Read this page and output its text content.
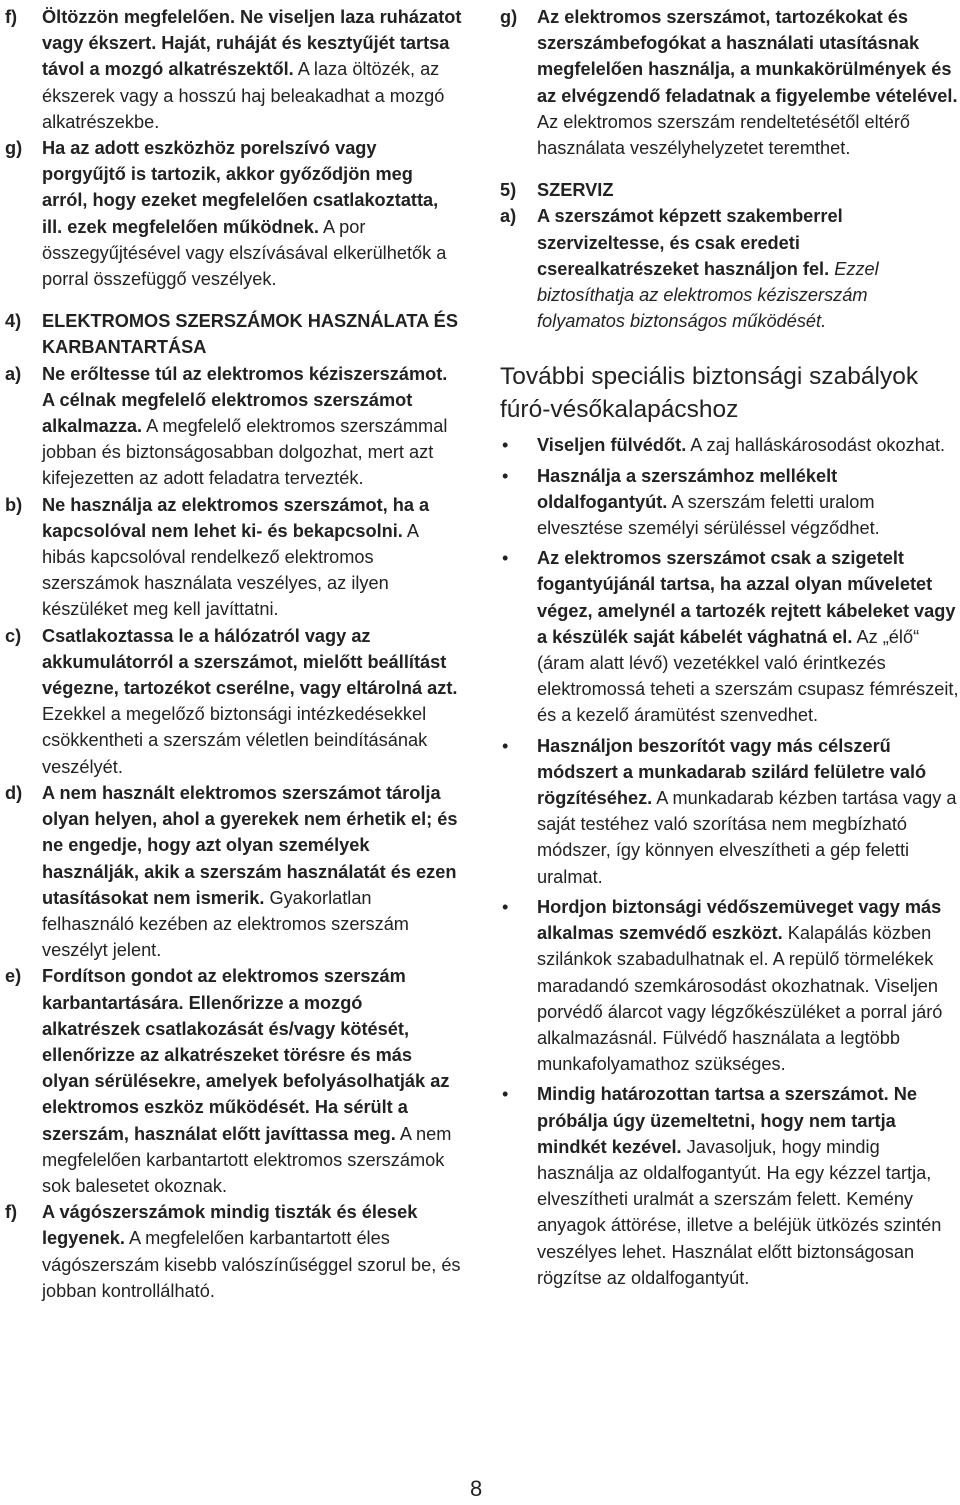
f) Öltözzön megfelelően. Ne viseljen laza ruházatot vagy ékszert. Haját, ruháját és kesztyűjét tartsa távol a mozgó alkatrészektől. A laza öltözék, az ékszerek vagy a hosszú haj beleakadhat a mozgó alkatrészekbe.
g) Ha az adott eszközhöz porelszívó vagy porgyűjtő is tartozik, akkor győződjön meg arról, hogy ezeket megfelelően csatlakoztatta, ill. ezek megfelelően működnek. A por összegyűjtésével vagy elszívásával elkerülhetők a porral összefüggő veszélyek.
4) ELEKTROMOS SZERSZÁMOK HASZNÁLATA ÉS KARBANTARTÁSA
a) Ne erőltesse túl az elektromos kéziszerszámot. A célnak megfelelő elektromos szerszámot alkalmazza. A megfelelő elektromos szerszámmal jobban és biztonságosabban dolgozhat, mert azt kifejezetten az adott feladatra tervezték.
b) Ne használja az elektromos szerszámot, ha a kapcsolóval nem lehet ki- és bekapcsolni. A hibás kapcsolóval rendelkező elektromos szerszámok használata veszélyes, az ilyen készüléket meg kell javíttatni.
c) Csatlakoztassa le a hálózatról vagy az akkumulátorról a szerszámot, mielőtt beállítást végezne, tartozékot cserélne, vagy eltárolná azt. Ezekkel a megelőző biztonsági intézkedésekkel csökkentheti a szerszám véletlen beindításának veszélyét.
d) A nem használt elektromos szerszámot tárolja olyan helyen, ahol a gyerekek nem érhetik el; és ne engedje, hogy azt olyan személyek használják, akik a szerszám használatát és ezen utasításokat nem ismerik. Gyakorlatlan felhasználó kezében az elektromos szerszám veszélyt jelent.
e) Fordítson gondot az elektromos szerszám karbantartására. Ellenőrizze a mozgó alkatrészek csatlakozását és/vagy kötését, ellenőrizze az alkatrészeket törésre és más olyan sérülésekre, amelyek befolyásolhatják az elektromos eszköz működését. Ha sérült a szerszám, használat előtt javíttassa meg. A nem megfelelően karbantartott elektromos szerszámok sok balesetet okoznak.
f) A vágószerszámok mindig tiszták és élesek legyenek. A megfelelően karbantartott éles vágószerszám kisebb valószínűséggel szorul be, és jobban kontrollálható.
g) Az elektromos szerszámot, tartozékokat és szerszámbefogókat a használati utasításnak megfelelően használja, a munkakörülmények és az elvégzendő feladatnak a figyelembe vételével. Az elektromos szerszám rendeltetésétől eltérő használata veszélyhelyzetet teremthet.
5) SZERVIZ
a) A szerszámot képzett szakemberrel szervizeltesse, és csak eredeti cserealkatrészeket használjon fel. Ezzel biztosíthatja az elektromos kéziszerszám folyamatos biztonságos működését.
További speciális biztonsági szabályok fúró-vésőkalapácshoz
• Viseljen fülvédőt. A zaj halláskárosodást okozhat.
• Használja a szerszámhoz mellékelt oldalfogantyút. A szerszám feletti uralom elvesztése személyi sérüléssel végződhet.
• Az elektromos szerszámot csak a szigetelt fogantyújánál tartsa, ha azzal olyan műveletet végez, amelynél a tartozék rejtett kábeleket vagy a készülék saját kábelét vághatná el. Az „élő“ (áram alatt lévő) vezetékkel való érintkezés elektromossá teheti a szerszám csupasz fémrészeit, és a kezelő áramütést szenvedhet.
• Használjon beszorítót vagy más célszerű módszert a munkadarab szilárd felületre való rögzítéséhez. A munkadarab kézben tartása vagy a saját testéhez való szorítása nem megbízható módszer, így könnyen elveszítheti a gép feletti uralmat.
• Hordjon biztonsági védőszemüveget vagy más alkalmas szemvédő eszközt. Kalapálás közben szilánkok szabadulhatnak el. A repülő törmelékek maradandó szemkárosodást okozhatnak. Viseljen porvédő álarcot vagy légzőkészüléket a porral járó alkalmazásnál. Fülvédő használata a legtöbb munkafolyamathoz szükséges.
• Mindig határozottan tartsa a szerszámot. Ne próbálja úgy üzemeltetni, hogy nem tartja mindkét kezével. Javasoljuk, hogy mindig használja az oldalfogantyút. Ha egy kézzel tartja, elveszítheti uralmát a szerszám felett. Kemény anyagok áttörése, illetve a beléjük ütközés szintén veszélyes lehet. Használat előtt biztonságosan rögzítse az oldalfogantyút.
8
